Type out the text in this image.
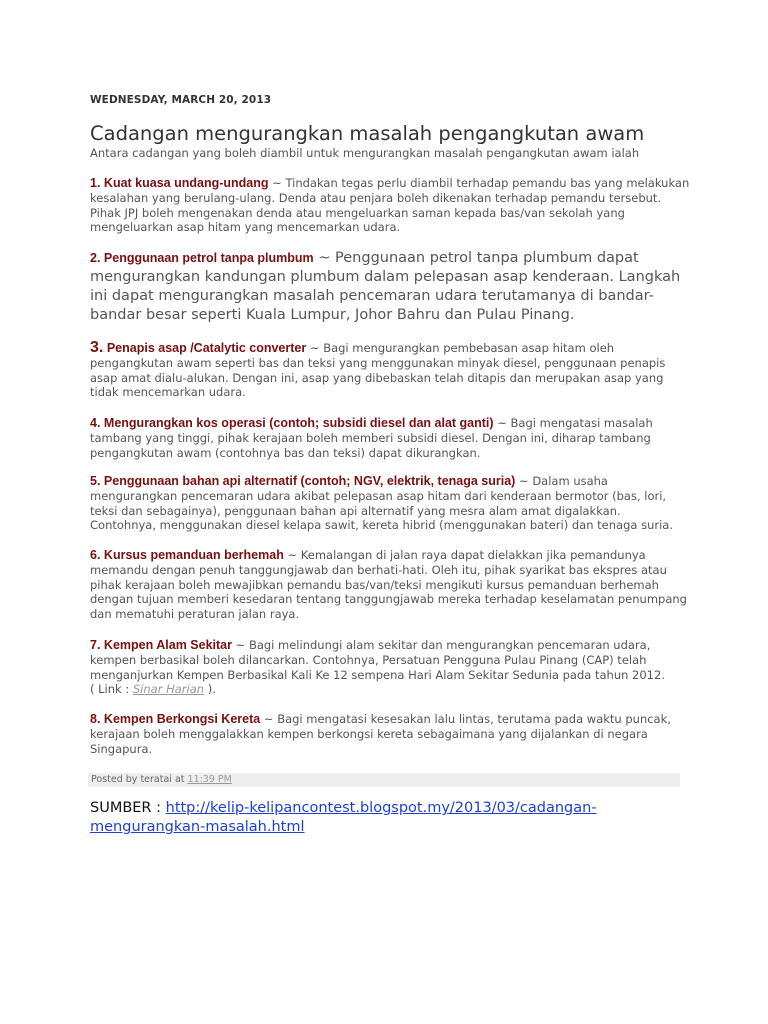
WEDNESDAY, MARCH 20, 2013
Cadangan mengurangkan masalah pengangkutan awam
Antara cadangan yang boleh diambil untuk mengurangkan masalah pengangkutan awam ialah
1. Kuat kuasa undang-undang ~ Tindakan tegas perlu diambil terhadap pemandu bas yang melakukan kesalahan yang berulang-ulang. Denda atau penjara boleh dikenakan terhadap pemandu tersebut. Pihak JPJ boleh mengenakan denda atau mengeluarkan saman kepada bas/van sekolah yang mengeluarkan asap hitam yang mencemarkan udara.
2. Penggunaan petrol tanpa plumbum ~ Penggunaan petrol tanpa plumbum dapat mengurangkan kandungan plumbum dalam pelepasan asap kenderaan. Langkah ini dapat mengurangkan masalah pencemaran udara terutamanya di bandar-bandar besar seperti Kuala Lumpur, Johor Bahru dan Pulau Pinang.
3. Penapis asap /Catalytic converter ~ Bagi mengurangkan pembebasan asap hitam oleh pengangkutan awam seperti bas dan teksi yang menggunakan minyak diesel, penggunaan penapis asap amat dialu-alukan. Dengan ini, asap yang dibebaskan telah ditapis dan merupakan asap yang tidak mencemarkan udara.
4. Mengurangkan kos operasi (contoh; subsidi diesel dan alat ganti) ~ Bagi mengatasi masalah tambang yang tinggi, pihak kerajaan boleh memberi subsidi diesel. Dengan ini, diharap tambang pengangkutan awam (contohnya bas dan teksi) dapat dikurangkan.
5. Penggunaan bahan api alternatif (contoh; NGV, elektrik, tenaga suria) ~ Dalam usaha mengurangkan pencemaran udara akibat pelepasan asap hitam dari kenderaan bermotor (bas, lori, teksi dan sebagainya), penggunaan bahan api alternatif yang mesra alam amat digalakkan. Contohnya, menggunakan diesel kelapa sawit, kereta hibrid (menggunakan bateri) dan tenaga suria.
6. Kursus pemanduan berhemah ~ Kemalangan di jalan raya dapat dielakkan jika pemandunya memandu dengan penuh tanggungjawab dan berhati-hati. Oleh itu, pihak syarikat bas ekspres atau pihak kerajaan boleh mewajibkan pemandu bas/van/teksi mengikuti kursus pemanduan berhemah dengan tujuan memberi kesedaran tentang tanggungjawab mereka terhadap keselamatan penumpang dan mematuhi peraturan jalan raya.
7. Kempen Alam Sekitar ~ Bagi melindungi alam sekitar dan mengurangkan pencemaran udara, kempen berbasikal boleh dilancarkan. Contohnya, Persatuan Pengguna Pulau Pinang (CAP) telah menganjurkan Kempen Berbasikal Kali Ke 12 sempena Hari Alam Sekitar Sedunia pada tahun 2012.
( Link : Sinar Harian ).
8. Kempen Berkongsi Kereta ~ Bagi mengatasi kesesakan lalu lintas, terutama pada waktu puncak, kerajaan boleh menggalakkan kempen berkongsi kereta sebagaimana yang dijalankan di negara Singapura.
Posted by teratai at 11:39 PM
SUMBER : http://kelip-kelipancontest.blogspot.my/2013/03/cadangan-mengurangkan-masalah.html
